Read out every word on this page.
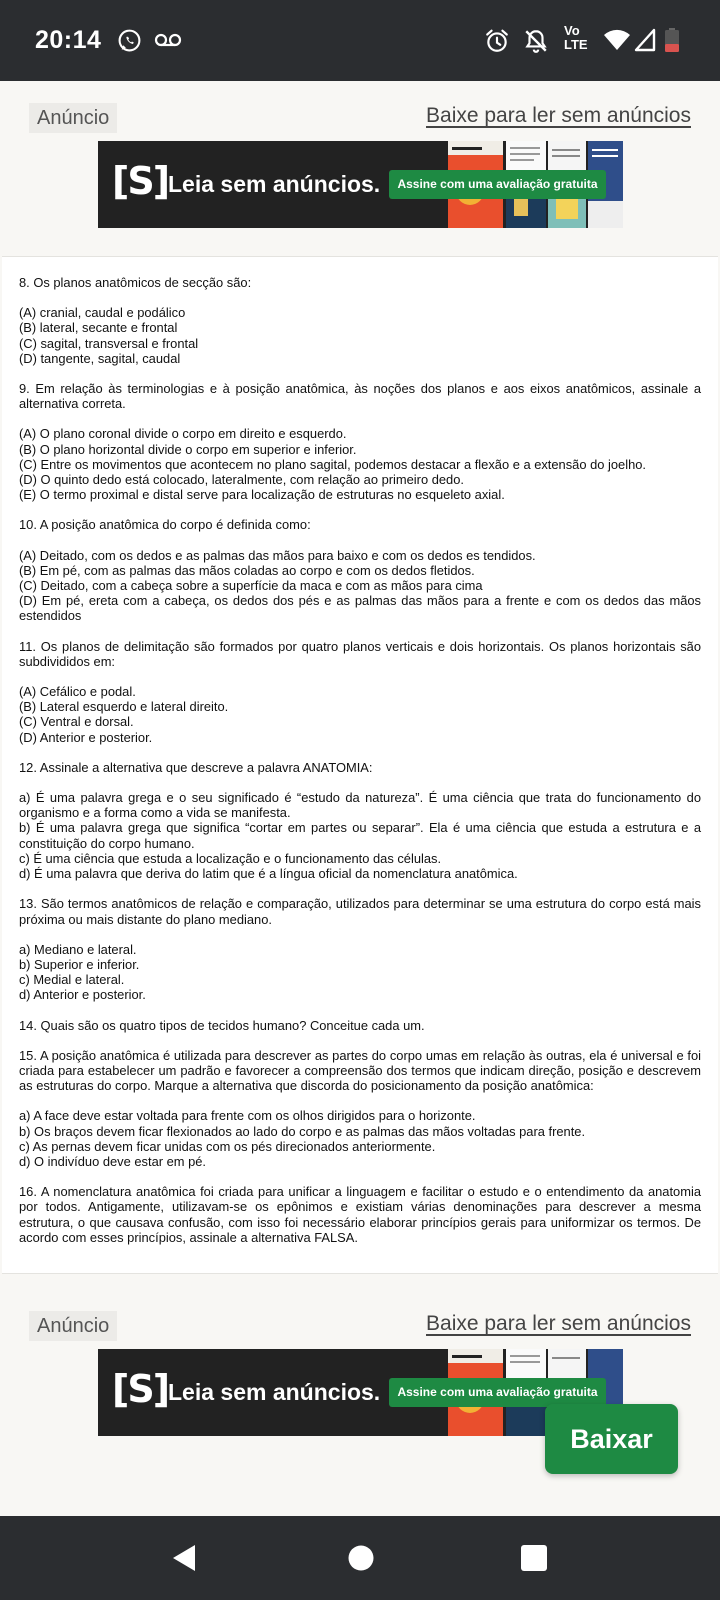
20:14	Vo
LTE
Anúncio	Baixe para ler sem anúncios
[S] Leia sem anúncios.	Assine com uma avaliação gratuita

8. Os planos anatômicos de secção são:

(A) cranial, caudal e podálico
(B) lateral, secante e frontal
(C) sagital, transversal e frontal
(D) tangente, sagital, caudal

9. Em relação às terminologias e à posição anatômica, às noções dos planos e aos eixos anatômicos, assinale a alternativa correta.

(A) O plano coronal divide o corpo em direito e esquerdo.
(B) O plano horizontal divide o corpo em superior e inferior.
(C) Entre os movimentos que acontecem no plano sagital, podemos destacar a flexão e a extensão do joelho.
(D) O quinto dedo está colocado, lateralmente, com relação ao primeiro dedo.
(E) O termo proximal e distal serve para localização de estruturas no esqueleto axial.

10. A posição anatômica do corpo é definida como:

(A) Deitado, com os dedos e as palmas das mãos para baixo e com os dedos es tendidos.
(B) Em pé, com as palmas das mãos coladas ao corpo e com os dedos fletidos.
(C) Deitado, com a cabeça sobre a superfície da maca e com as mãos para cima
(D) Em pé, ereta com a cabeça, os dedos dos pés e as palmas das mãos para a frente e com os dedos das mãos estendidos

11. Os planos de delimitação são formados por quatro planos verticais e dois horizontais. Os planos horizontais são subdivididos em:

(A) Cefálico e podal.
(B) Lateral esquerdo e lateral direito.
(C) Ventral e dorsal.
(D) Anterior e posterior.

12. Assinale a alternativa que descreve a palavra ANATOMIA:

a) É uma palavra grega e o seu significado é “estudo da natureza”. É uma ciência que trata do funcionamento do organismo e a forma como a vida se manifesta.
b) É uma palavra grega que significa “cortar em partes ou separar”. Ela é uma ciência que estuda a estrutura e a constituição do corpo humano.
c) É uma ciência que estuda a localização e o funcionamento das células.
d) É uma palavra que deriva do latim que é a língua oficial da nomenclatura anatômica.

13. São termos anatômicos de relação e comparação, utilizados para determinar se uma estrutura do corpo está mais próxima ou mais distante do plano mediano.

a) Mediano e lateral.
b) Superior e inferior.
c) Medial e lateral.
d) Anterior e posterior.

14. Quais são os quatro tipos de tecidos humano? Conceitue cada um.

15. A posição anatômica é utilizada para descrever as partes do corpo umas em relação às outras, ela é universal e foi criada para estabelecer um padrão e favorecer a compreensão dos termos que indicam direção, posição e descrevem as estruturas do corpo. Marque a alternativa que discorda do posicionamento da posição anatômica:

a) A face deve estar voltada para frente com os olhos dirigidos para o horizonte.
b) Os braços devem ficar flexionados ao lado do corpo e as palmas das mãos voltadas para frente.
c) As pernas devem ficar unidas com os pés direcionados anteriormente.
d) O indivíduo deve estar em pé.

16. A nomenclatura anatômica foi criada para unificar a linguagem e facilitar o estudo e o entendimento da anatomia por todos. Antigamente, utilizavam-se os epônimos e existiam várias denominações para descrever a mesma estrutura, o que causava confusão, com isso foi necessário elaborar princípios gerais para uniformizar os termos. De acordo com esses princípios, assinale a alternativa FALSA.

Anúncio	Baixe para ler sem anúncios
[S] Leia sem anúncios.	Assine com uma avaliação gratuita
Baixar
